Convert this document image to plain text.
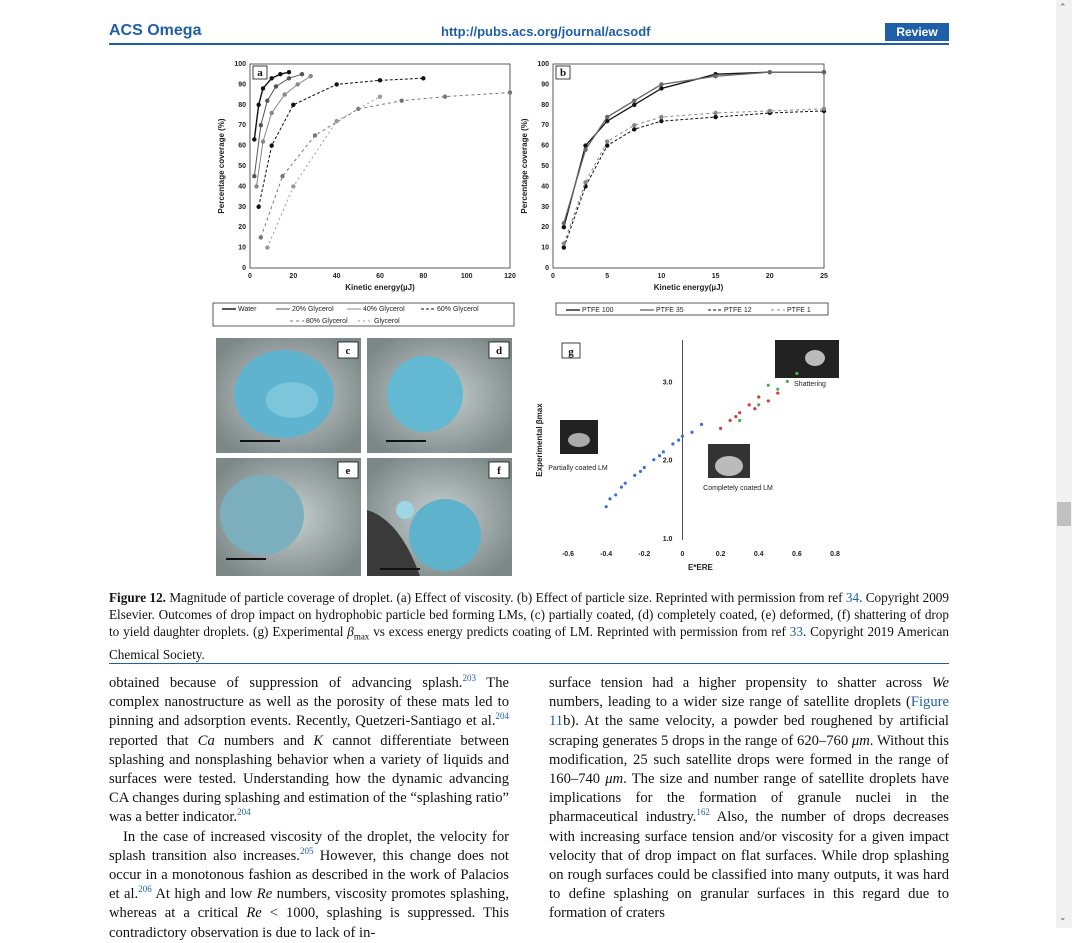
ACS Omega	http://pubs.acs.org/journal/acsodf	Review
0
10
20
30
40
50
60
70
80
90
100
0	20	40	60	80	100	120
Kinetic energy(µJ)
Percentage coverage (%)
a
Water	20% Glycerol	40% Glycerol	60% Glycerol
80% Glycerol	Glycerol
0
10
20
30
40
50
60
70
80
90
100
0	5	10	15	20	25
Kinetic energy(µJ)
Percentage coverage (%)
b
PTFE 100	PTFE 35	PTFE 12	PTFE 1
c	d
e	f
g
Partially coated LM
Completely coated LM
Shattering
1.0
2.0
3.0
-0.6	-0.4	-0.2	0	0.2	0.4	0.6	0.8
E*ERE
Experimental βmax
Figure 12. Magnitude of particle coverage of droplet. (a) Effect of viscosity. (b) Effect of particle size. Reprinted with permission from ref 34. Copyright 2009 Elsevier. Outcomes of drop impact on hydrophobic particle bed forming LMs, (c) partially coated, (d) completely coated, (e) deformed, (f) shattering of drop to yield daughter droplets. (g) Experimental $\beta_{max}$ vs excess energy predicts coating of LM. Reprinted with permission from ref 33. Copyright 2019 American Chemical Society.
obtained because of suppression of advancing splash.$^{203}$ The complex nanostructure as well as the porosity of these mats led to pinning and adsorption events. Recently, Quetzeri-Santiago et al.$^{204}$ reported that Ca numbers and K cannot differentiate between splashing and nonsplashing behavior when a variety of liquids and surfaces were tested. Understanding how the dynamic advancing CA changes during splashing and estimation of the “splashing ratio” was a better indicator.$^{204}$
In the case of increased viscosity of the droplet, the velocity for splash transition also increases.$^{205}$ However, this change does not occur in a monotonous fashion as described in the work of Palacios et al.$^{206}$ At high and low Re numbers, viscosity promotes splashing, whereas at a critical Re < 1000, splashing is suppressed. This contradictory observation is due to lack of in-
surface tension had a higher propensity to shatter across We numbers, leading to a wider size range of satellite droplets (Figure 11b). At the same velocity, a powder bed roughened by artificial scraping generates 5 drops in the range of 620–760 μm. Without this modification, 25 such satellite drops were formed in the range of 160–740 μm. The size and number range of satellite droplets have implications for the formation of granule nuclei in the pharmaceutical industry.$^{162}$ Also, the number of drops decreases with increasing surface tension and/or viscosity for a given impact velocity that of drop impact on flat surfaces. While drop splashing on rough surfaces could be classified into many outputs, it was hard to define splashing on granular surfaces in this regard due to formation of craters
⌃
⌄
